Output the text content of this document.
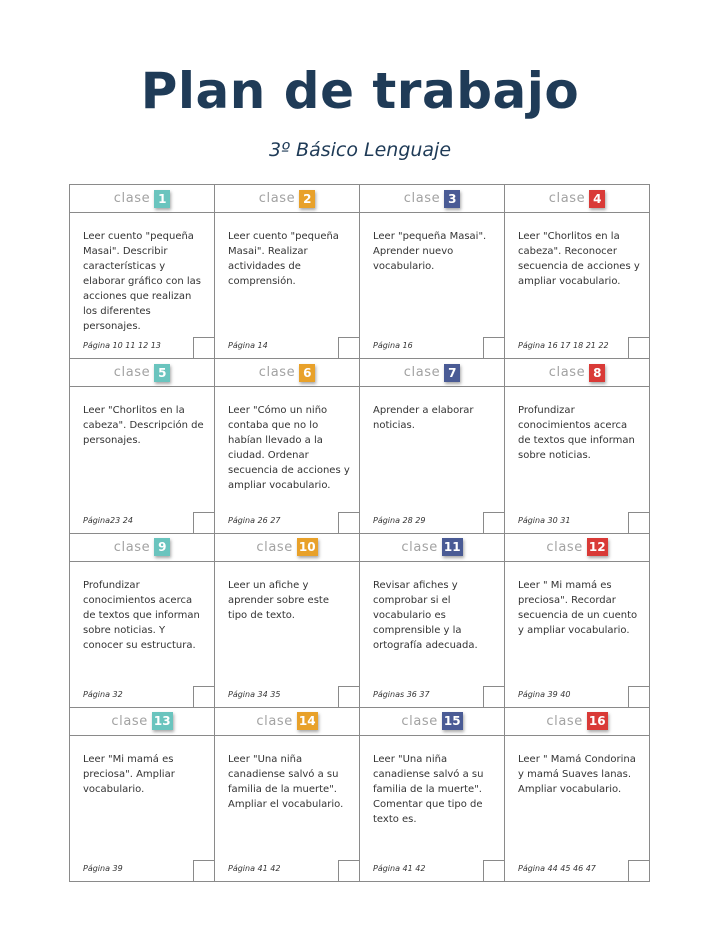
Plan de trabajo
3º Básico Lenguaje
clase 1
Leer cuento "pequeña Masai". Describir características y elaborar gráfico con las acciones que realizan los diferentes personajes.
Página 10 11 12 13
clase 2
Leer cuento "pequeña Masai". Realizar actividades de comprensión.
Página 14
clase 3
Leer "pequeña Masai". Aprender nuevo vocabulario.
Página 16
clase 4
Leer "Chorlitos en la cabeza". Reconocer secuencia de acciones y ampliar vocabulario.
Página 16 17 18 21 22
clase 5
Leer "Chorlitos en la cabeza". Descripción de personajes.
Página23 24
clase 6
Leer "Cómo un niño contaba que no lo habían llevado a la ciudad. Ordenar secuencia de acciones y ampliar vocabulario.
Página 26 27
clase 7
Aprender a elaborar noticias.
Página 28 29
clase 8
Profundizar conocimientos acerca de textos que informan sobre noticias.
Página 30 31
clase 9
Profundizar conocimientos acerca de textos que informan sobre noticias. Y conocer su estructura.
Página 32
clase 10
Leer un afiche y aprender sobre este tipo de texto.
Página 34 35
clase 11
Revisar afiches y comprobar si el vocabulario es comprensible y la ortografía adecuada.
Páginas 36 37
clase 12
Leer " Mi mamá es preciosa". Recordar secuencia de un cuento y ampliar vocabulario.
Página 39 40
clase 13
Leer "Mi mamá es preciosa". Ampliar vocabulario.
Página 39
clase 14
Leer "Una niña canadiense salvó a su familia de la muerte". Ampliar el vocabulario.
Página 41 42
clase 15
Leer "Una niña canadiense salvó a su familia de la muerte". Comentar que tipo de texto es.
Página 41 42
clase 16
Leer " Mamá Condorina y mamá Suaves lanas. Ampliar vocabulario.
Página 44 45 46 47
